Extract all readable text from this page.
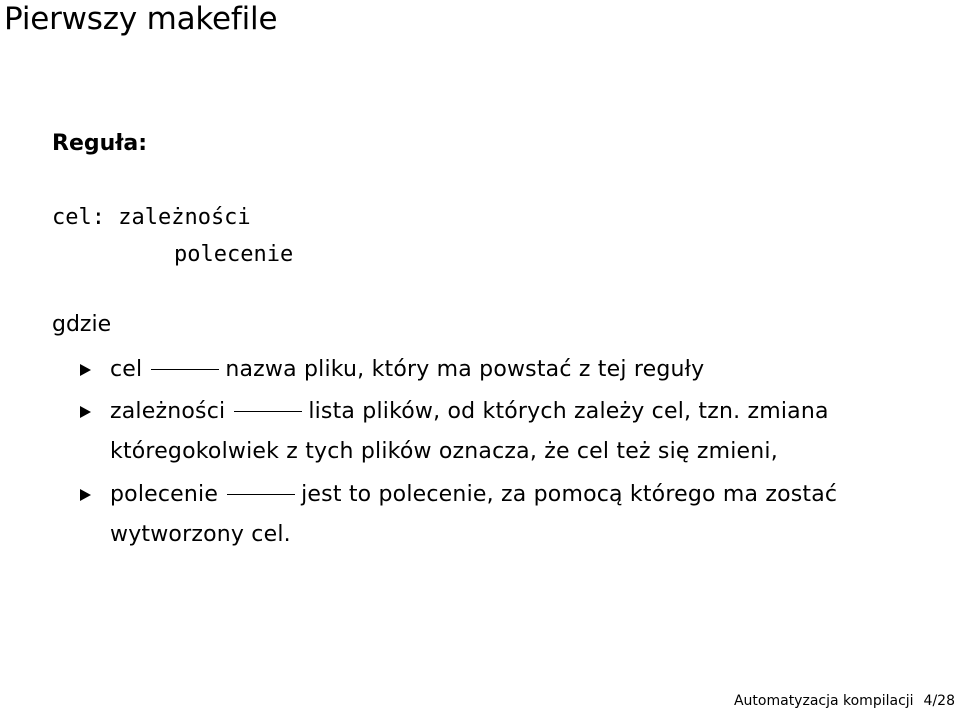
Pierwszy makefile
Reguła:
cel: zależności
polecenie
gdzie
cel	nazwa pliku, który ma powstać z tej reguły
zależności	lista plików, od których zależy cel, tzn. zmiana któregokolwiek z tych plików oznacza, że cel też się zmieni,
polecenie	jest to polecenie, za pomocą którego ma zostać wytworzony cel.
Automatyzacja kompilacji 4/28
